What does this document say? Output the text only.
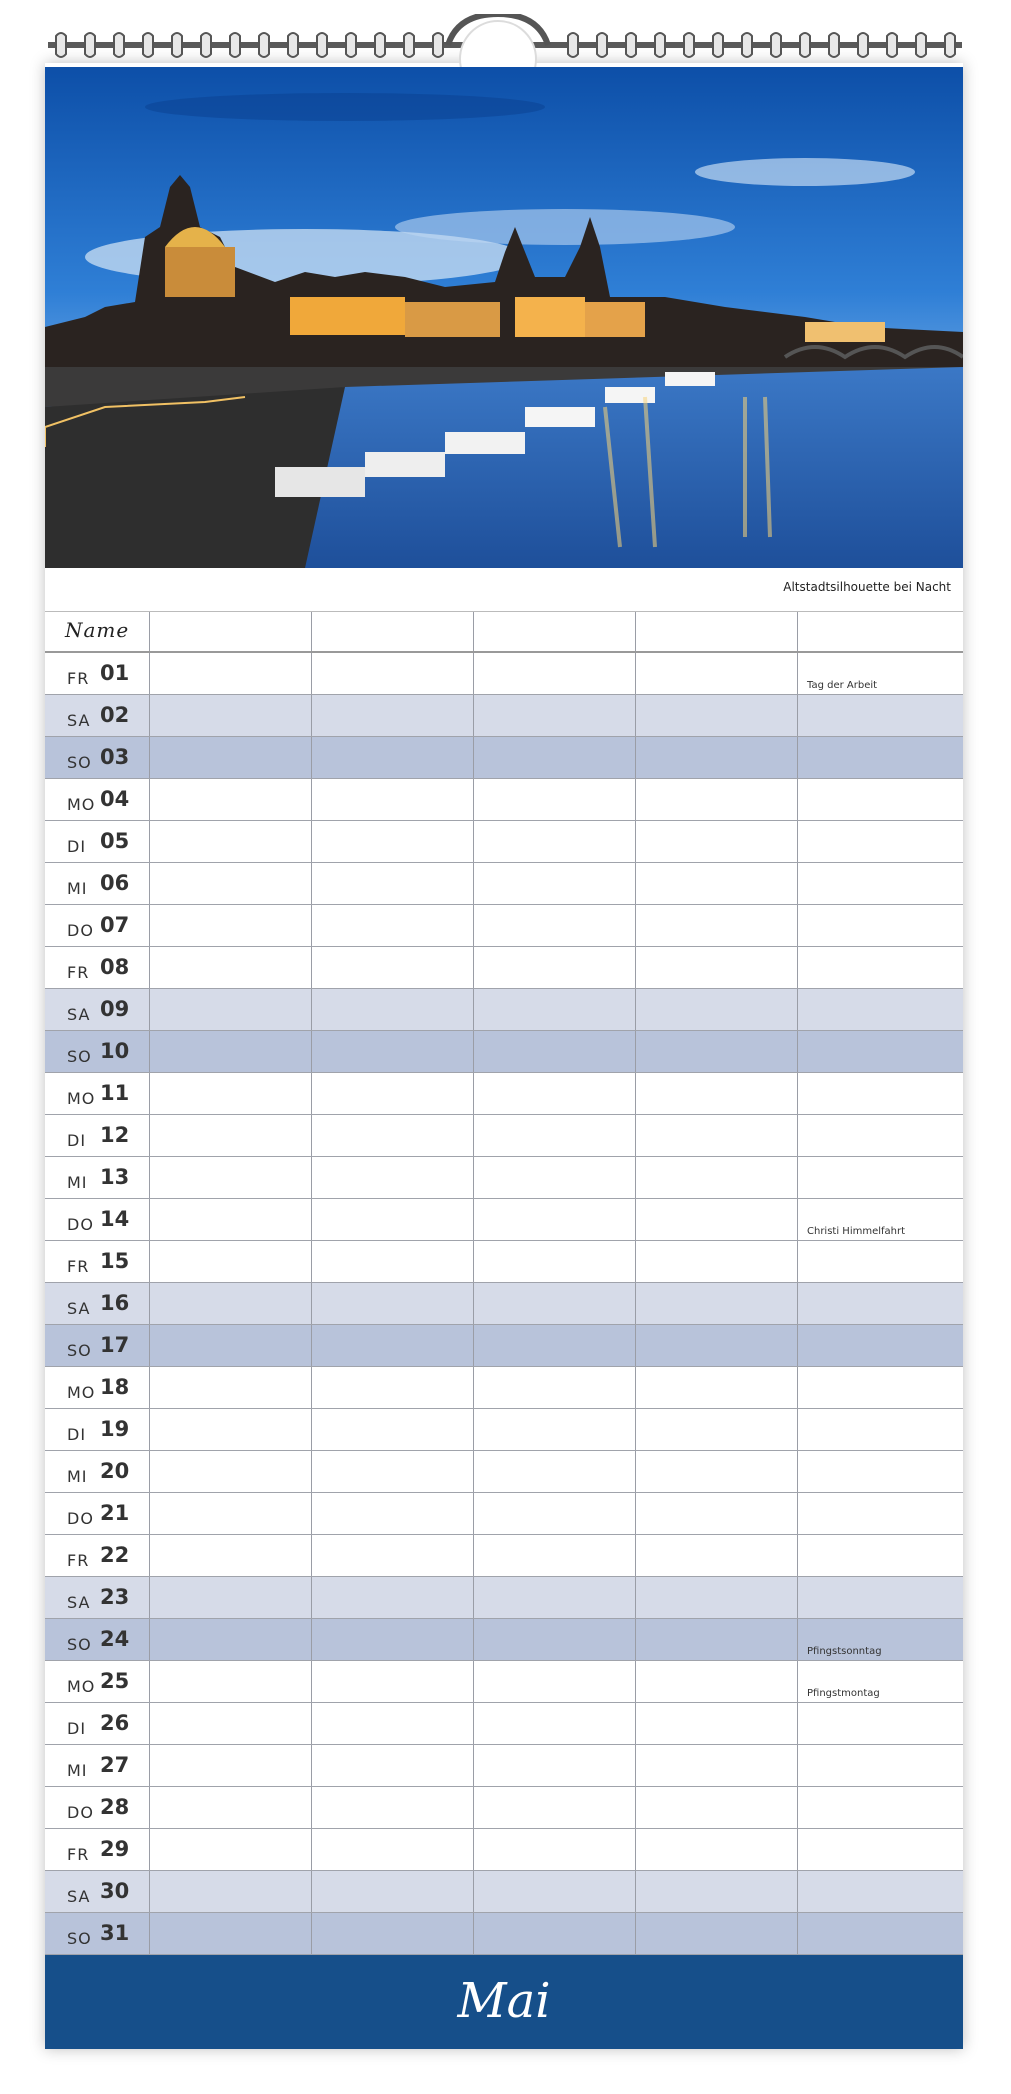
Altstadtsilhouette bei Nacht
Name
FR 01
Tag der Arbeit
SA 02
SO 03
MO 04
DI 05
MI 06
DO 07
FR 08
SA 09
SO 10
MO 11
DI 12
MI 13
DO 14
Christi Himmelfahrt
FR 15
SA 16
SO 17
MO 18
DI 19
MI 20
DO 21
FR 22
SA 23
SO 24
Pfingstsonntag
MO 25
Pfingstmontag
DI 26
MI 27
DO 28
FR 29
SA 30
SO 31
Mai
